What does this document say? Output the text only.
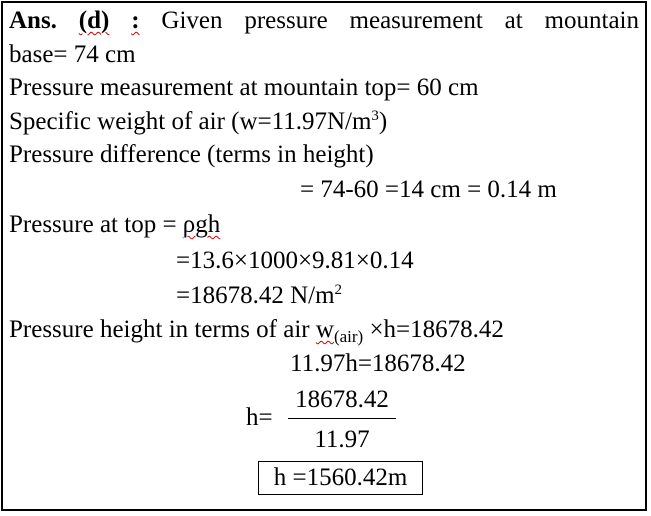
Ans. (d) : Given pressure measurement at mountain
base= 74 cm
Pressure measurement at mountain top= 60 cm
Specific weight of air $(w=11.97N/m^3)$
Pressure difference (terms in height)
= 74-60 =14 cm = 0.14 m
Pressure at top = ρgh
=13.6×1000×9.81×0.14
=18678.42 $N/m^2$
Pressure height in terms of air $w_{(air)} \times h=18678.42$
11.97h=18678.42
h=
18678.42
11.97
h =1560.42m
